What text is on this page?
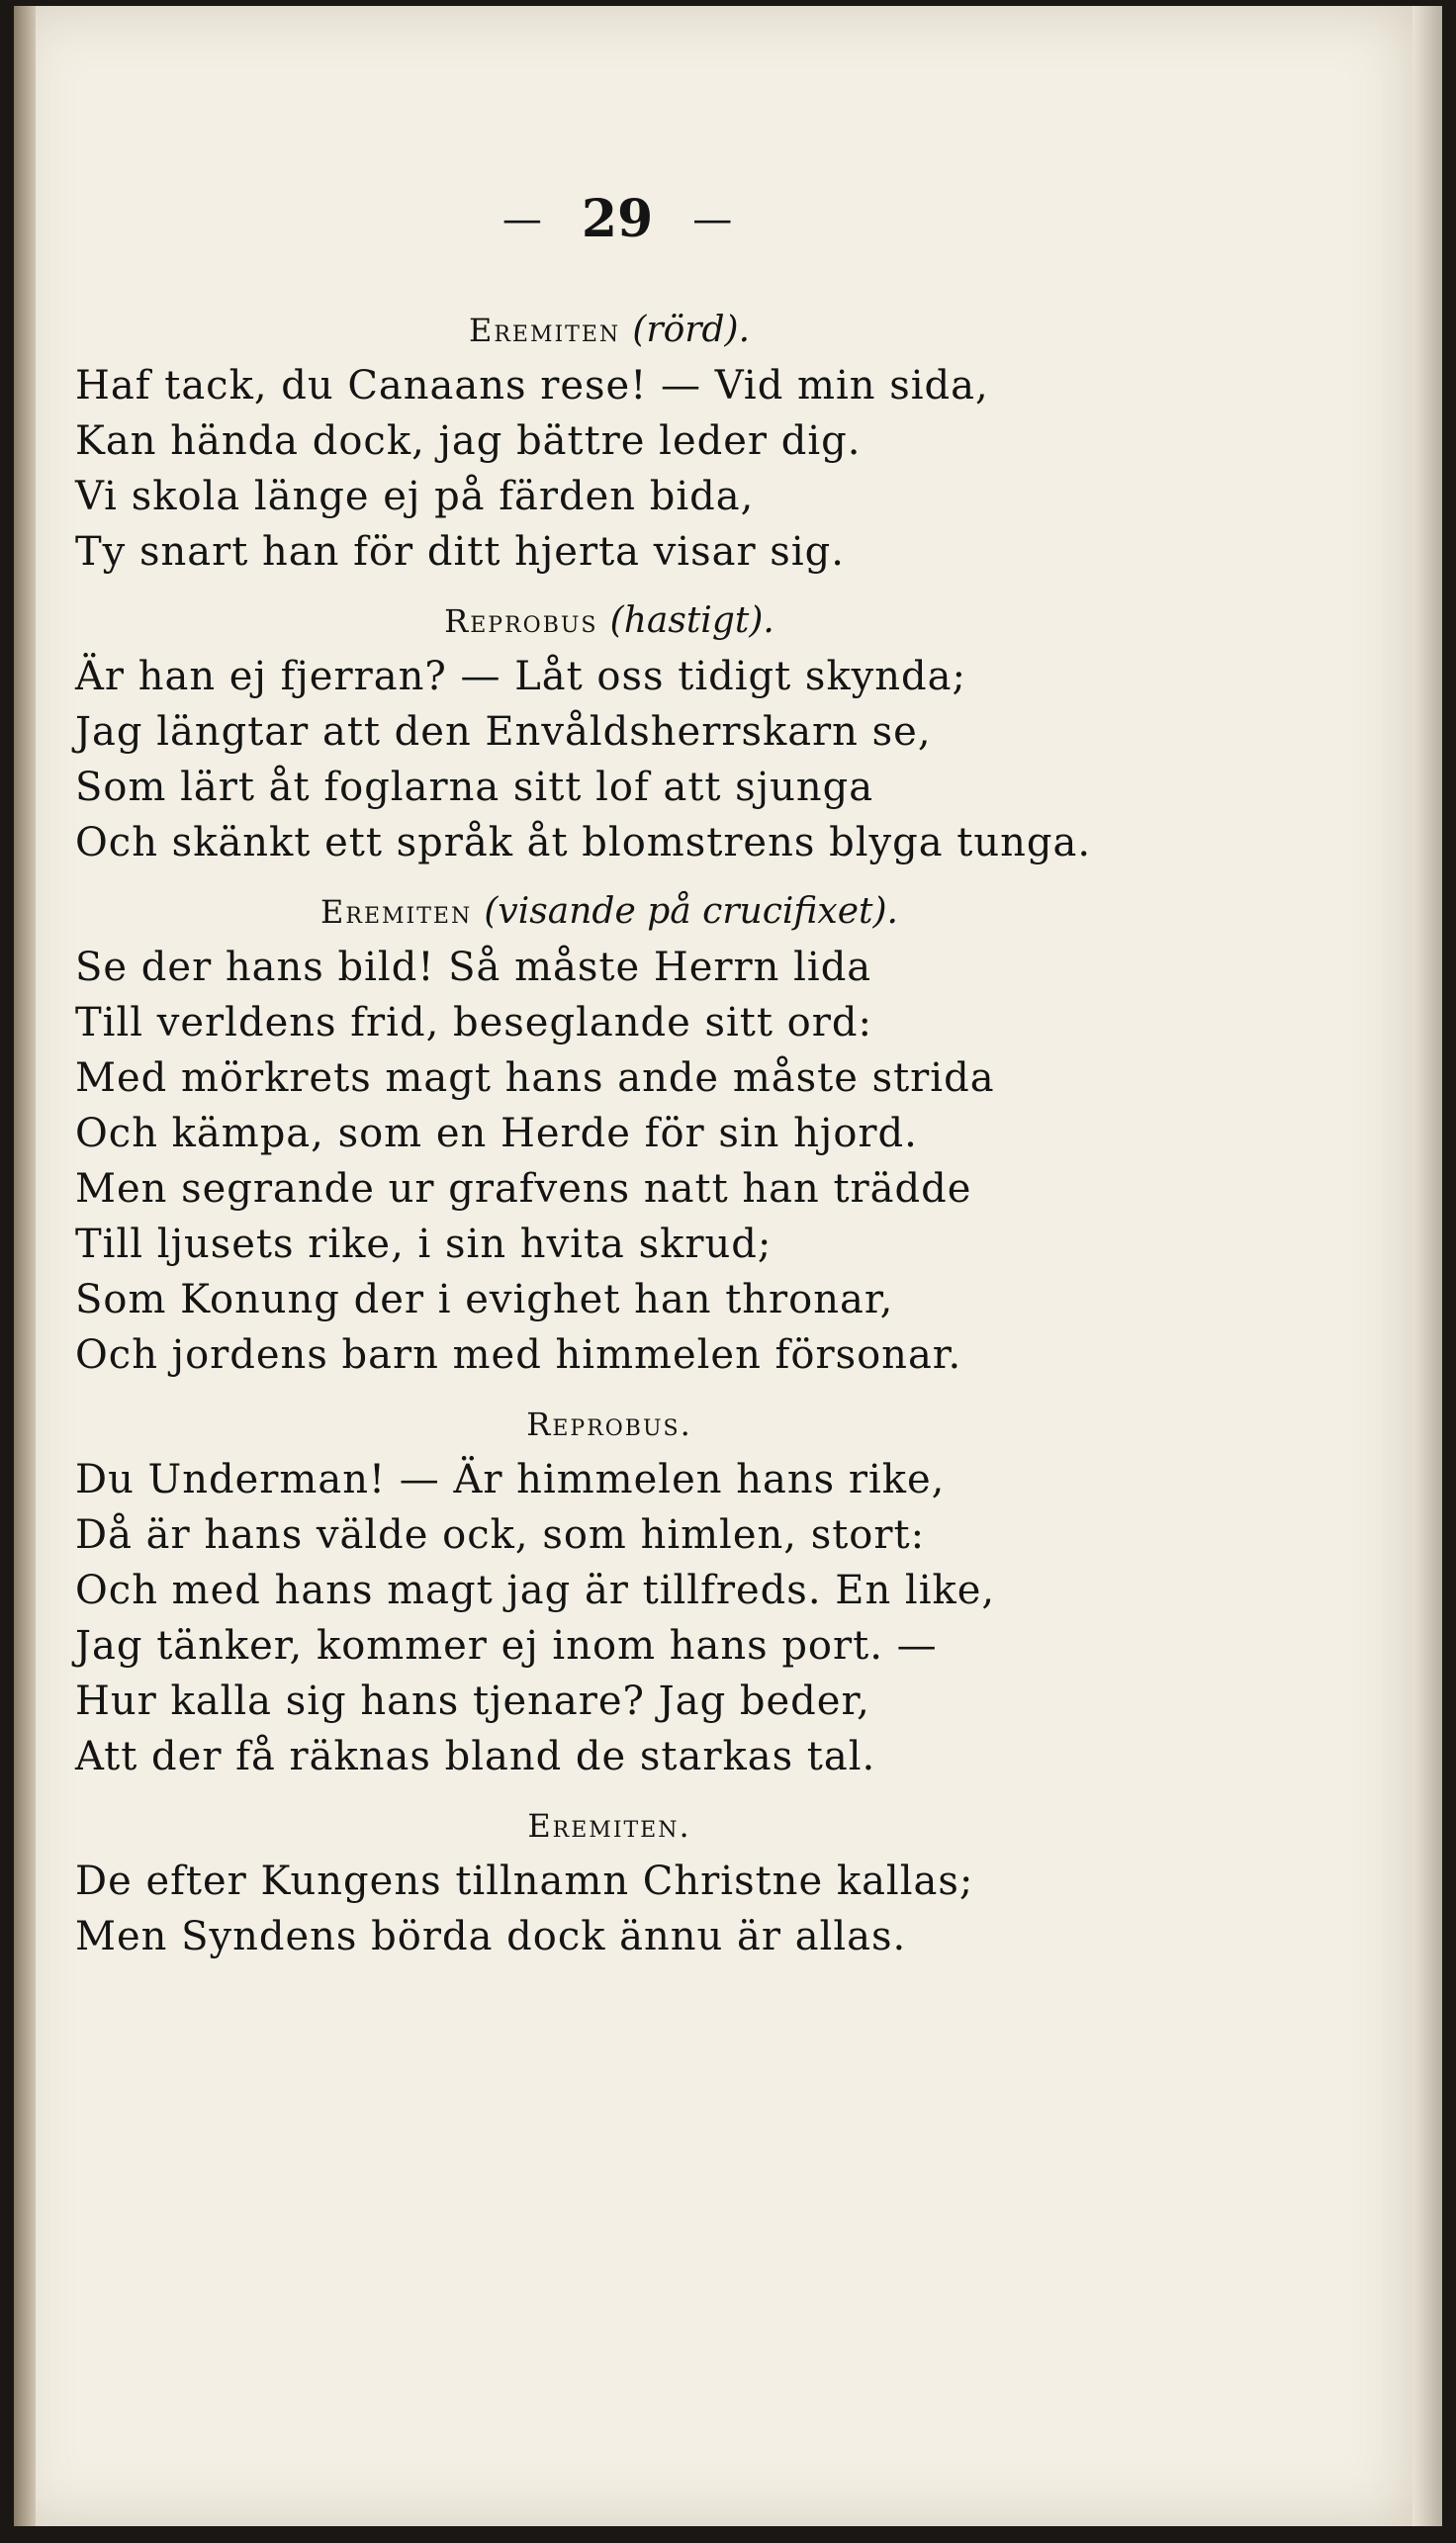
— 29 —

Eremiten (rörd).

Haf tack, du Canaans rese! — Vid min sida,

Kan hända dock, jag bättre leder dig.

Vi skola länge ej på färden bida,

Ty snart han för ditt hjerta visar sig.

Reprobus (hastigt).

Är han ej fjerran? — Låt oss tidigt skynda;

Jag längtar att den Envåldsherrskarn se,

Som lärt åt foglarna sitt lof att sjunga

Och skänkt ett språk åt blomstrens blyga tunga.

Eremiten (visande på crucifixet).

Se der hans bild! Så måste Herrn lida

Till verldens frid, beseglande sitt ord:

Med mörkrets magt hans ande måste strida

Och kämpa, som en Herde för sin hjord.

Men segrande ur grafvens natt han trädde

Till ljusets rike, i sin hvita skrud;

Som Konung der i evighet han thronar,

Och jordens barn med himmelen försonar.

Reprobus.

Du Underman! — Är himmelen hans rike,

Då är hans välde ock, som himlen, stort:

Och med hans magt jag är tillfreds. En like,

Jag tänker, kommer ej inom hans port. —

Hur kalla sig hans tjenare? Jag beder,

Att der få räknas bland de starkas tal.

Eremiten.

De efter Kungens tillnamn Christne kallas;

Men Syndens börda dock ännu är allas.
